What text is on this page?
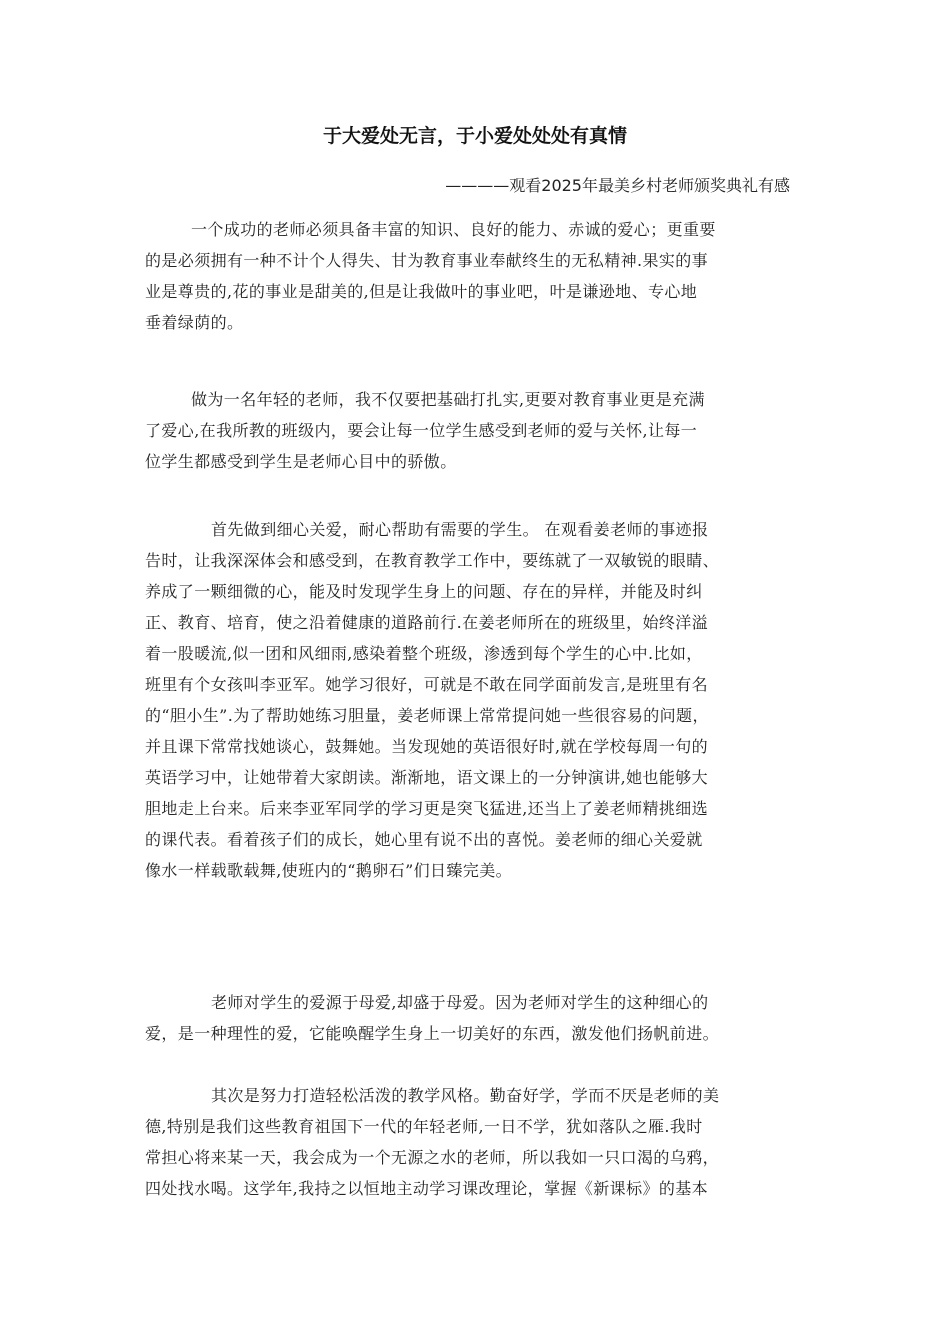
于大爱处无言，于小爱处处处有真情
————观看2025年最美乡村老师颁奖典礼有感

一个成功的老师必须具备丰富的知识、良好的能力、赤诚的爱心；更重要
的是必须拥有一种不计个人得失、甘为教育事业奉献终生的无私精神.果实的事
业是尊贵的,花的事业是甜美的,但是让我做叶的事业吧，叶是谦逊地、专心地
垂着绿荫的。

做为一名年轻的老师，我不仅要把基础打扎实,更要对教育事业更是充满
了爱心,在我所教的班级内，要会让每一位学生感受到老师的爱与关怀,让每一
位学生都感受到学生是老师心目中的骄傲。

首先做到细心关爱，耐心帮助有需要的学生。 在观看姜老师的事迹报
告时，让我深深体会和感受到，在教育教学工作中，要练就了一双敏锐的眼睛、
养成了一颗细微的心，能及时发现学生身上的问题、存在的异样，并能及时纠
正、教育、培育，使之沿着健康的道路前行.在姜老师所在的班级里，始终洋溢
着一股暖流,似一团和风细雨,感染着整个班级，渗透到每个学生的心中.比如，
班里有个女孩叫李亚军。她学习很好，可就是不敢在同学面前发言,是班里有名
的“胆小生”.为了帮助她练习胆量，姜老师课上常常提问她一些很容易的问题，
并且课下常常找她谈心，鼓舞她。当发现她的英语很好时,就在学校每周一句的
英语学习中，让她带着大家朗读。渐渐地，语文课上的一分钟演讲,她也能够大
胆地走上台来。后来李亚军同学的学习更是突飞猛进,还当上了姜老师精挑细选
的课代表。看着孩子们的成长，她心里有说不出的喜悦。姜老师的细心关爱就
像水一样载歌载舞,使班内的“鹅卵石”们日臻完美。

老师对学生的爱源于母爱,却盛于母爱。因为老师对学生的这种细心的
爱，是一种理性的爱，它能唤醒学生身上一切美好的东西，激发他们扬帆前进。

其次是努力打造轻松活泼的教学风格。勤奋好学，学而不厌是老师的美
德,特别是我们这些教育祖国下一代的年轻老师,一日不学，犹如落队之雁.我时
常担心将来某一天，我会成为一个无源之水的老师，所以我如一只口渴的乌鸦，
四处找水喝。这学年,我持之以恒地主动学习课改理论，掌握《新课标》的基本
